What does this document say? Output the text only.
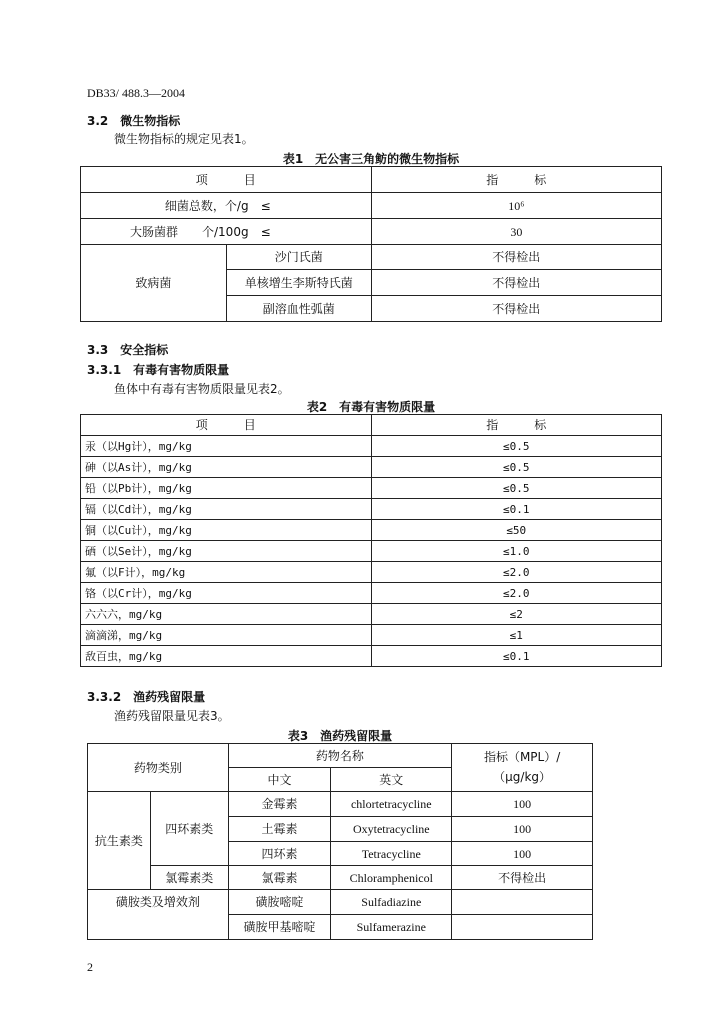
DB33/ 488.3—2004
3.2　微生物指标
微生物指标的规定见表1。
表1　无公害三角鲂的微生物指标
项　　　目		指　　　标
细菌总数，个/g　≤		10⁶
大肠菌群　　个/100g　≤		30
致病菌	沙门氏菌	不得检出
	单核增生李斯特氏菌	不得检出
	副溶血性弧菌	不得检出
3.3　安全指标
3.3.1　有毒有害物质限量
鱼体中有毒有害物质限量见表2。
表2　有毒有害物质限量
项　　　目	指　　　标
汞（以Hg计），mg/kg	≤0.5
砷（以As计），mg/kg	≤0.5
铅（以Pb计），mg/kg	≤0.5
镉（以Cd计），mg/kg	≤0.1
铜（以Cu计），mg/kg	≤50
硒（以Se计），mg/kg	≤1.0
氟（以F计），mg/kg	≤2.0
铬（以Cr计），mg/kg	≤2.0
六六六，mg/kg	≤2
滴滴涕，mg/kg	≤1
敌百虫，mg/kg	≤0.1
3.3.2　渔药残留限量
渔药残留限量见表3。
表3　渔药残留限量
药物类别		药物名称		指标（MPL）/
（μg/kg）
		中文	英文	
抗生素类	四环素类	金霉素	chlortetracycline	100
		土霉素	Oxytetracycline	100
		四环素	Tetracycline	100
	氯霉素类	氯霉素	Chloramphenicol	不得检出
磺胺类及增效剂		磺胺嘧啶	Sulfadiazine	
		磺胺甲基嘧啶	Sulfamerazine	
2
